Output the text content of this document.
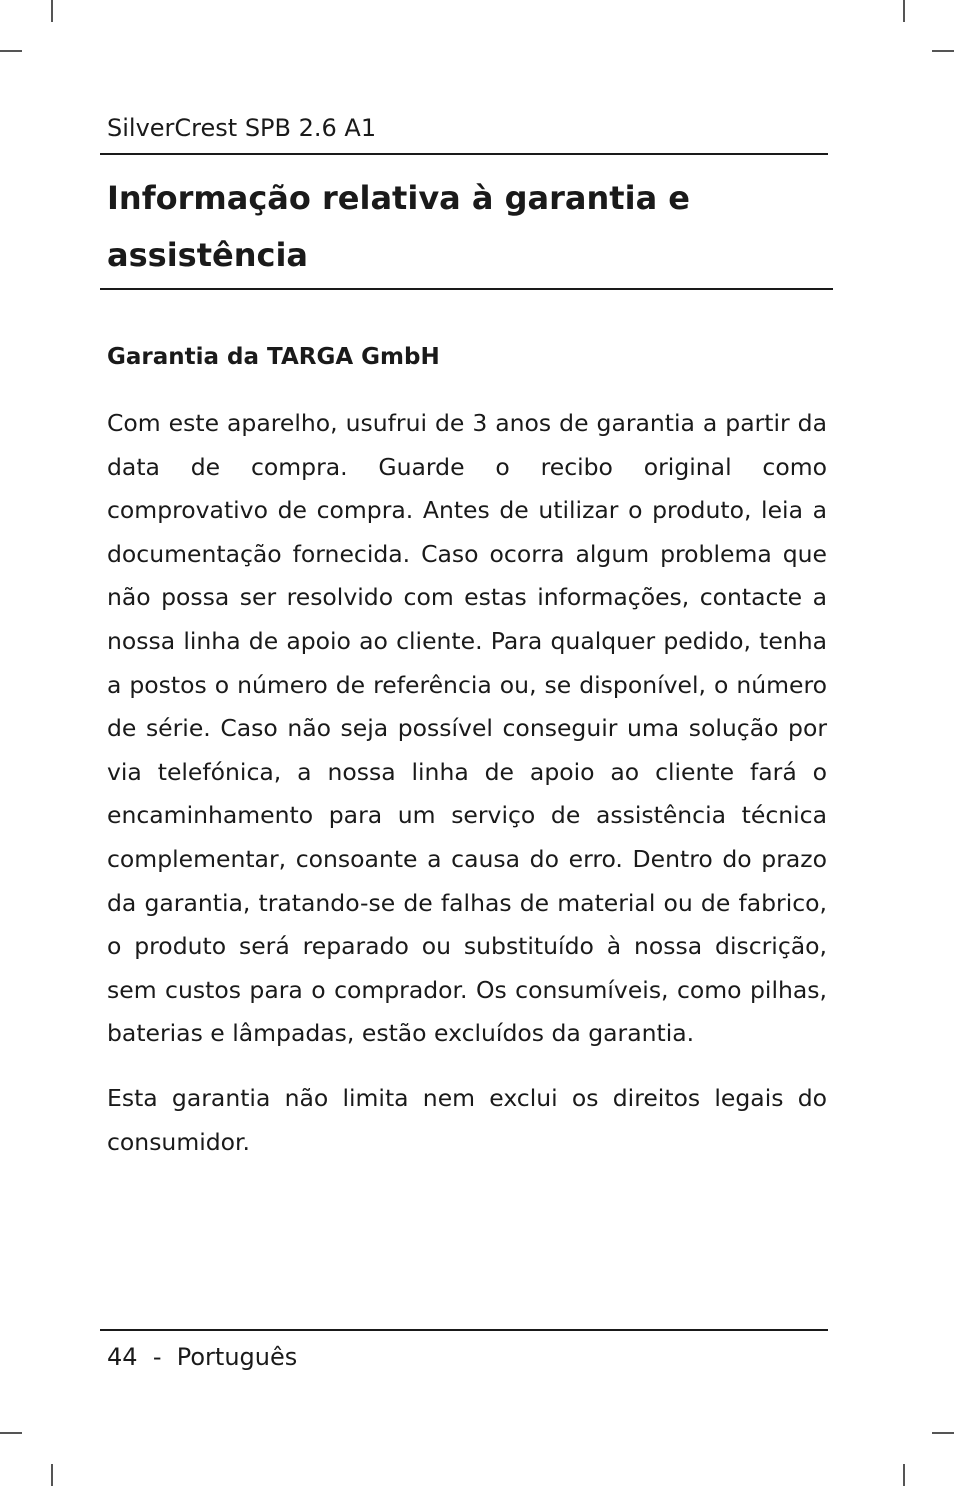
SilverCrest SPB 2.6 A1
Informação relativa à garantia e assistência
Garantia da TARGA GmbH

Com este aparelho, usufrui de 3 anos de garantia a partir da data de compra. Guarde o recibo original como comprovativo de compra. Antes de utilizar o produto, leia a documentação fornecida. Caso ocorra algum problema que não possa ser resolvido com estas informações, contacte a nossa linha de apoio ao cliente. Para qualquer pedido, tenha a postos o número de referência ou, se disponível, o número de série. Caso não seja possível conseguir uma solução por via telefónica, a nossa linha de apoio ao cliente fará o encaminhamento para um serviço de assistência técnica complementar, consoante a causa do erro. Dentro do prazo da garantia, tratando-se de falhas de material ou de fabrico, o produto será reparado ou substituído à nossa discrição, sem custos para o comprador. Os consumíveis, como pilhas, baterias e lâmpadas, estão excluídos da garantia.

Esta garantia não limita nem exclui os direitos legais do consumidor.

44 - Português
